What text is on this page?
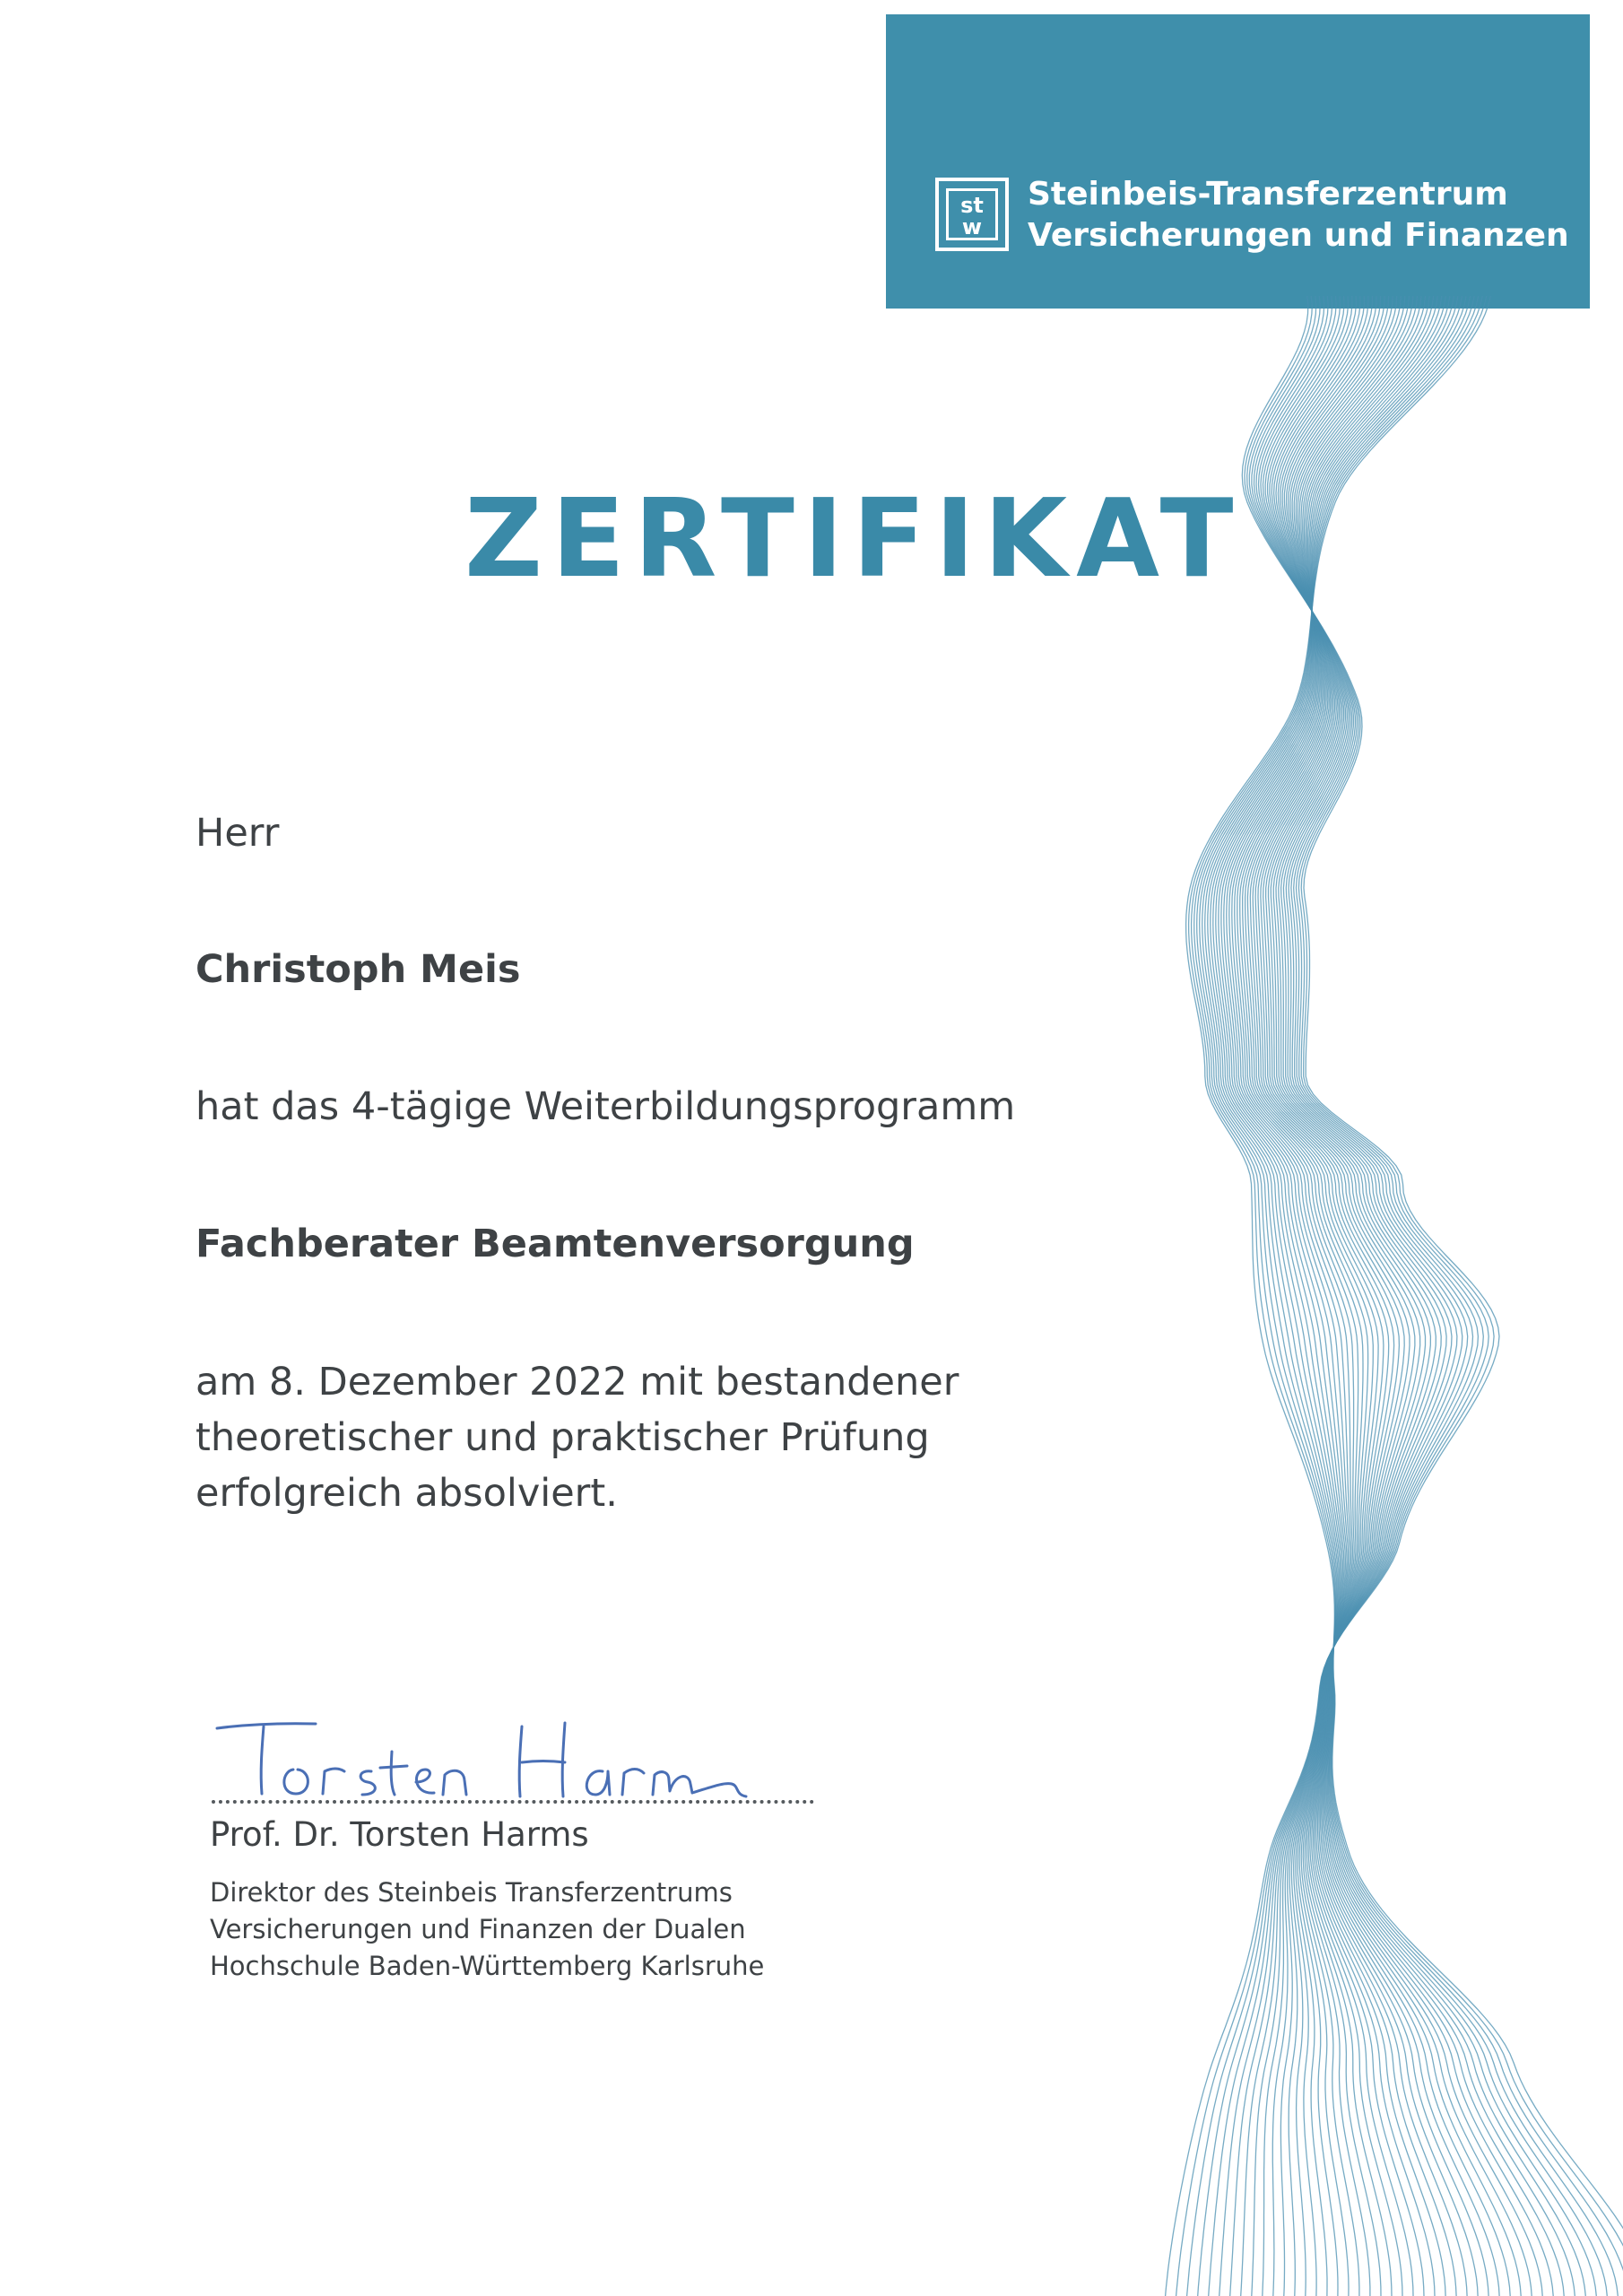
st
w
Steinbeis-Transferzentrum
Versicherungen und Finanzen
ZERTIFIKAT
Herr
Christoph Meis
hat das 4-tägige Weiterbildungsprogramm
Fachberater Beamtenversorgung
am 8. Dezember 2022 mit bestandener
theoretischer und praktischer Prüfung
erfolgreich absolviert.
Prof. Dr. Torsten Harms
Direktor des Steinbeis Transferzentrums
Versicherungen und Finanzen der Dualen
Hochschule Baden-Württemberg Karlsruhe
